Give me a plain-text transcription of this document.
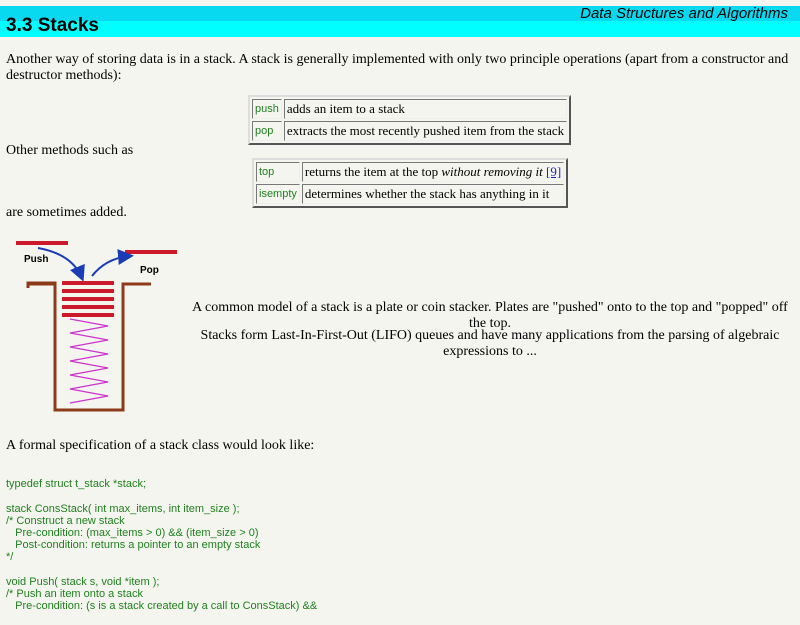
Data Structures and Algorithms
3.3 Stacks

Another way of storing data is in a stack. A stack is generally implemented with only two principle operations (apart from a constructor and destructor methods):

push	adds an item to a stack
pop	extracts the most recently pushed item from the stack

Other methods such as

top	returns the item at the top without removing it [9]
isempty	determines whether the stack has anything in it

are sometimes added.

Push
Pop

A common model of a stack is a plate or coin stacker. Plates are "pushed" onto to the top and "popped" off the top.

Stacks form Last-In-First-Out (LIFO) queues and have many applications from the parsing of algebraic expressions to ...

A formal specification of a stack class would look like:

typedef struct t_stack *stack;

stack ConsStack( int max_items, int item_size );
/* Construct a new stack
Pre-condition: (max_items > 0) && (item_size > 0)
Post-condition: returns a pointer to an empty stack
*/

void Push( stack s, void *item );
/* Push an item onto a stack
Pre-condition: (s is a stack created by a call to ConsStack) &&
